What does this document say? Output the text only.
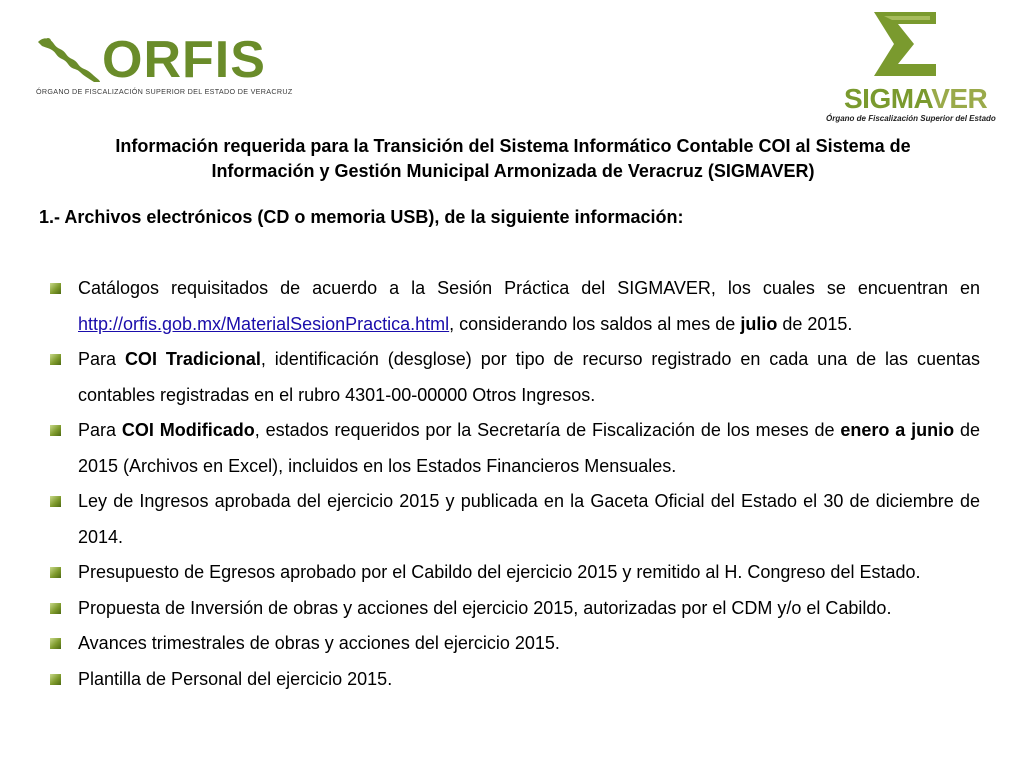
ORFIS
ÓRGANO DE FISCALIZACIÓN SUPERIOR DEL ESTADO DE VERACRUZ	SIGMAVER
Órgano de Fiscalización Superior del Estado
Información requerida para la Transición del Sistema Informático Contable COI al Sistema de
Información y Gestión Municipal Armonizada de Veracruz (SIGMAVER)
1.- Archivos electrónicos (CD o memoria USB), de la siguiente información:
Catálogos requisitados de acuerdo a la Sesión Práctica del SIGMAVER, los cuales se encuentran en http://orfis.gob.mx/MaterialSesionPractica.html, considerando los saldos al mes de julio de 2015.
Para COI Tradicional, identificación (desglose) por tipo de recurso registrado en cada una de las cuentas contables registradas en el rubro 4301-00-00000 Otros Ingresos.
Para COI Modificado, estados requeridos por la Secretaría de Fiscalización de los meses de enero a junio de 2015 (Archivos en Excel), incluidos en los Estados Financieros Mensuales.
Ley de Ingresos aprobada del ejercicio 2015 y publicada en la Gaceta Oficial del Estado el 30 de diciembre de 2014.
Presupuesto de Egresos aprobado por el Cabildo del ejercicio 2015 y remitido al H. Congreso del Estado.
Propuesta de Inversión de obras y acciones del ejercicio 2015, autorizadas por el CDM y/o el Cabildo.
Avances trimestrales de obras y acciones del ejercicio 2015.
Plantilla de Personal del ejercicio 2015.
